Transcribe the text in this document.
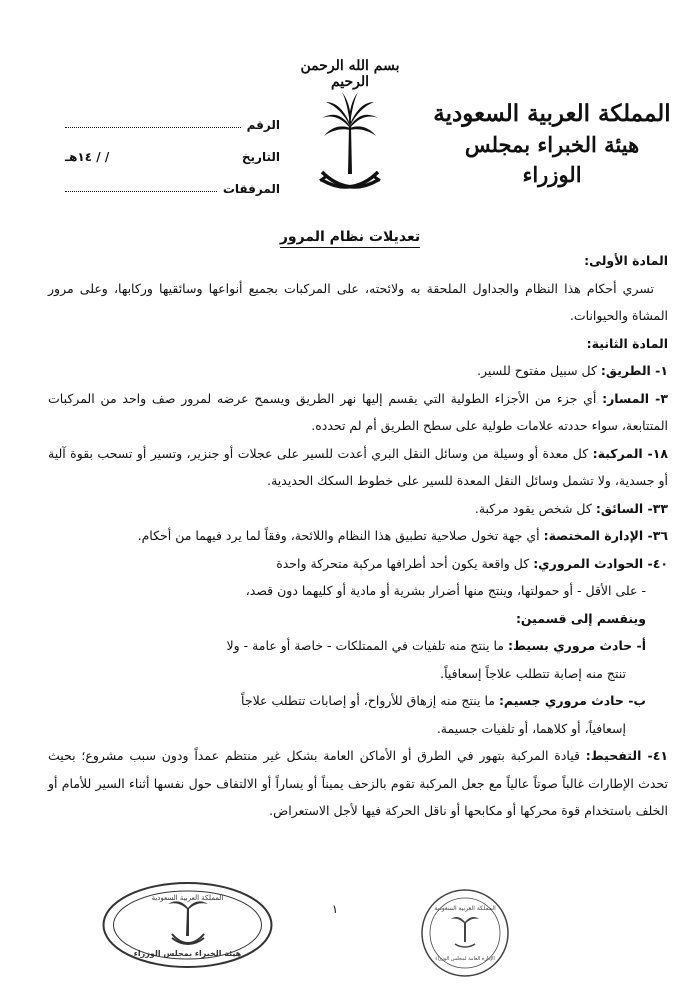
بسم الله الرحمن الرحيم
المملكة العربية السعودية
هيئة الخبراء بمجلس الوزراء
الرقم
التاريخ
/ / ١٤هـ
المرفقات
تعديلات نظام المرور

المادة الأولى:

تسري أحكام هذا النظام والجداول الملحقة به ولائحته، على المركبات بجميع أنواعها وسائقيها وركابها، وعلى مرور المشاة والحيوانات.

المادة الثانية:

١- الطريق: كل سبيل مفتوح للسير.

٣- المسار: أي جزء من الأجزاء الطولية التي يقسم إليها نهر الطريق ويسمح عرضه لمرور صف واحد من المركبات المتتابعة، سواء حددته علامات طولية على سطح الطريق أم لم تحدده.

١٨- المركبة: كل معدة أو وسيلة من وسائل النقل البري أعدت للسير على عجلات أو جنزير، وتسير أو تسحب بقوة آلية أو جسدية، ولا تشمل وسائل النقل المعدة للسير على خطوط السكك الحديدية.

٣٣- السائق: كل شخص يقود مركبة.

٣٦- الإدارة المختصة: أي جهة تخول صلاحية تطبيق هذا النظام واللائحة، وفقاً لما يرد فيهما من أحكام.

٤٠- الحوادث المروري: كل واقعة يكون أحد أطرافها مركبة متحركة واحدة

- على الأقل - أو حمولتها، وينتج منها أضرار بشرية أو مادية أو كليهما دون قصد،

وينقسم إلى قسمين:

أ- حادث مروري بسيط: ما ينتج منه تلفيات في الممتلكات - خاصة أو عامة - ولا

تنتج منه إصابة تتطلب علاجاً إسعافياً.

ب- حادث مروري جسيم: ما ينتج منه إزهاق للأرواح، أو إصابات تتطلب علاجاً

إسعافياً، أو كلاهما، أو تلفيات جسيمة.

٤١- التفحيط: قيادة المركبة بتهور في الطرق أو الأماكن العامة بشكل غير منتظم عمداً ودون سبب مشروع؛ بحيث تحدث الإطارات غالباً صوتاً عالياً مع جعل المركبة تقوم بالزحف يميناً أو يساراً أو الالتفاف حول نفسها أثناء السير للأمام أو الخلف باستخدام قوة محركها أو مكابحها أو ناقل الحركة فيها لأجل الاستعراض.

١
المملكة العربية السعودية
هيئة الخبراء بمجلس الوزراء
المملكة العربية السعودية
الإدارة العامة لمجلس الوزراء
